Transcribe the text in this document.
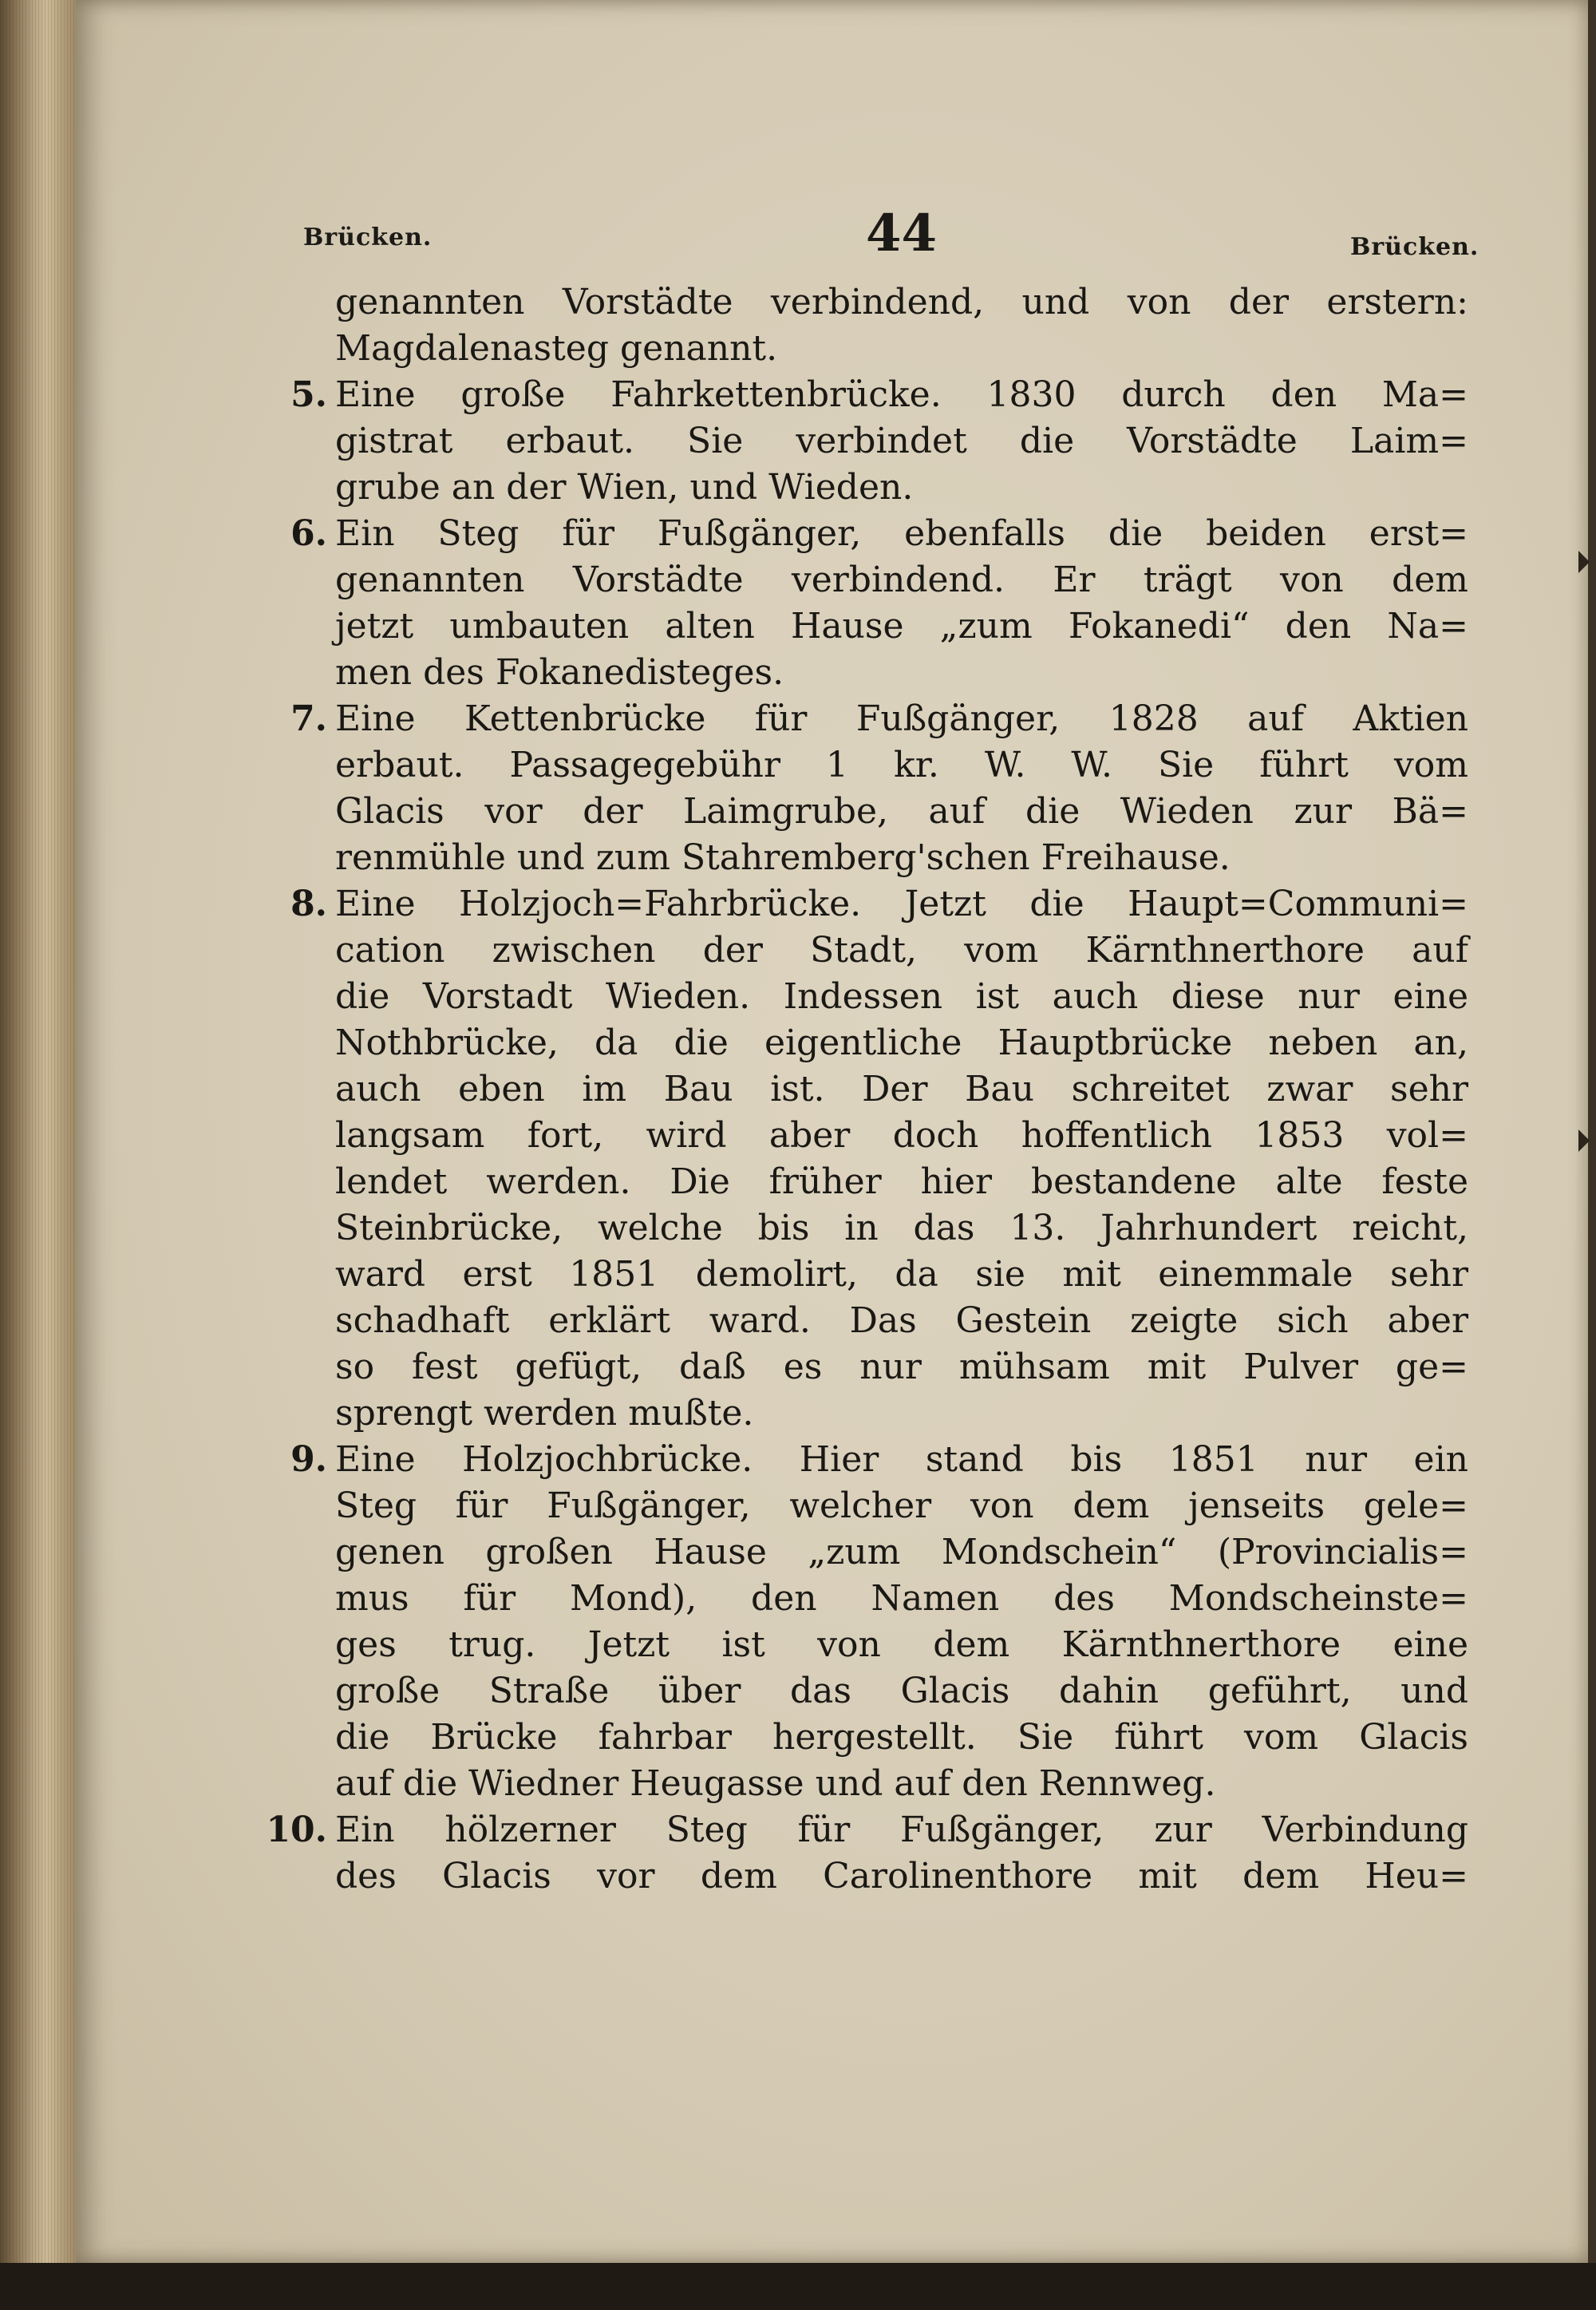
Brücken.	44	Brücken.
genannten Vorstädte verbindend, und von der erstern:
Magdalenasteg genannt.
5. Eine große Fahrkettenbrücke. 1830 durch den Ma=
gistrat erbaut. Sie verbindet die Vorstädte Laim=
grube an der Wien, und Wieden.
6. Ein Steg für Fußgänger, ebenfalls die beiden erst=
genannten Vorstädte verbindend. Er trägt von dem
jetzt umbauten alten Hause „zum Fokanedi“ den Na=
men des Fokanedisteges.
7. Eine Kettenbrücke für Fußgänger, 1828 auf Aktien
erbaut. Passagegebühr 1 kr. W. W. Sie führt vom
Glacis vor der Laimgrube, auf die Wieden zur Bä=
renmühle und zum Stahremberg'schen Freihause.
8. Eine Holzjoch=Fahrbrücke. Jetzt die Haupt=Communi=
cation zwischen der Stadt, vom Kärnthnerthore auf
die Vorstadt Wieden. Indessen ist auch diese nur eine
Nothbrücke, da die eigentliche Hauptbrücke neben an,
auch eben im Bau ist. Der Bau schreitet zwar sehr
langsam fort, wird aber doch hoffentlich 1853 vol=
lendet werden. Die früher hier bestandene alte feste
Steinbrücke, welche bis in das 13. Jahrhundert reicht,
ward erst 1851 demolirt, da sie mit einemmale sehr
schadhaft erklärt ward. Das Gestein zeigte sich aber
so fest gefügt, daß es nur mühsam mit Pulver ge=
sprengt werden mußte.
9. Eine Holzjochbrücke. Hier stand bis 1851 nur ein
Steg für Fußgänger, welcher von dem jenseits gele=
genen großen Hause „zum Mondschein“ (Provincialis=
mus für Mond), den Namen des Mondscheinste=
ges trug. Jetzt ist von dem Kärnthnerthore eine
große Straße über das Glacis dahin geführt, und
die Brücke fahrbar hergestellt. Sie führt vom Glacis
auf die Wiedner Heugasse und auf den Rennweg.
10. Ein hölzerner Steg für Fußgänger, zur Verbindung
des Glacis vor dem Carolinenthore mit dem Heu=
